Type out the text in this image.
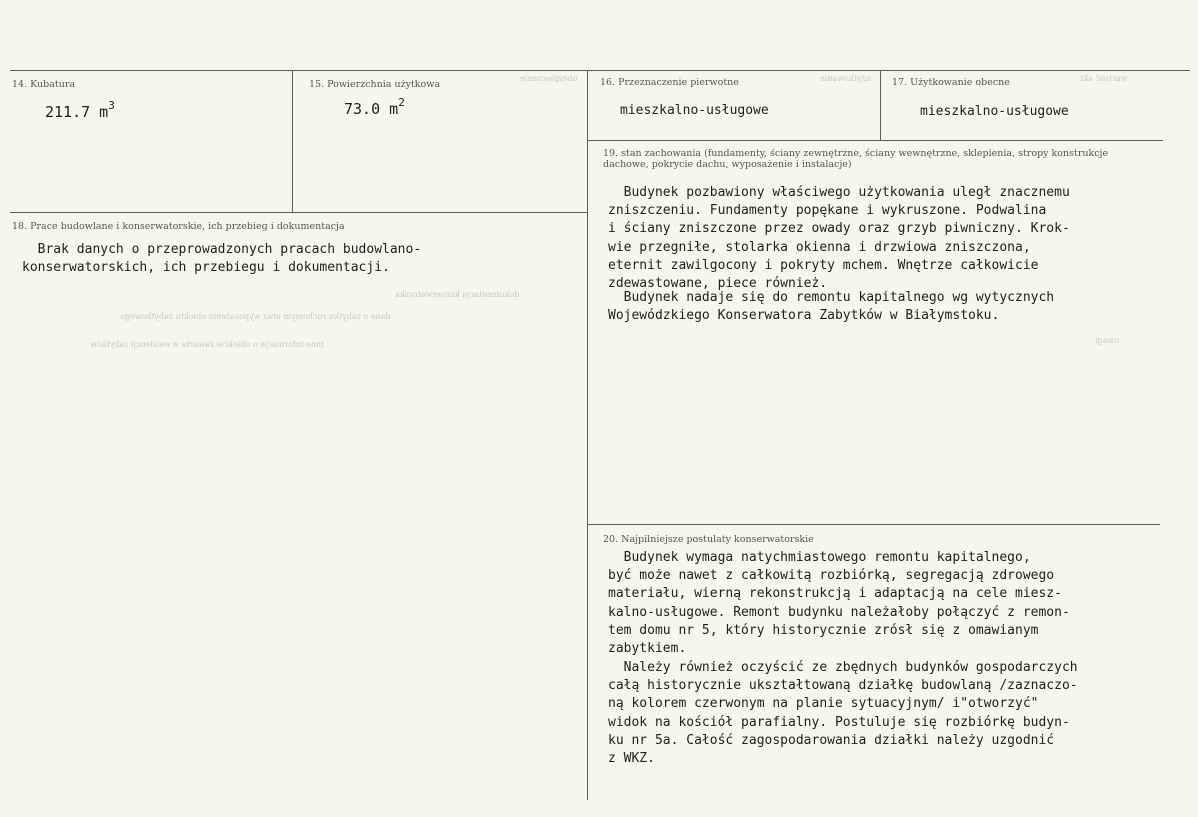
ubezpieczenie	użytkowanie	wartość akt
dokumentacja konserwatorska
dane o zabytku ruchomym oraz wyposażeniu obiektu zabytkowego
inne informacje o obiekcie zawarte w ewidencji zabytków	uwagi
14. Kubatura
211.7 $m^3$
15. Powierzchnia użytkowa
73.0 $m^2$
16. Przeznaczenie pierwotne
mieszkalno-usługowe
17. Użytkowanie obecne
mieszkalno-usługowe
18. Prace budowlane i konserwatorskie, ich przebieg i dokumentacja
Brak danych o przeprowadzonych pracach budowlano-
konserwatorskich, ich przebiegu i dokumentacji.
19. stan zachowania (fundamenty, ściany zewnętrzne, ściany wewnętrzne, sklepienia, stropy konstrukcje dachowe, pokrycie dachu, wyposażenie i instalacje)
Budynek pozbawiony właściwego użytkowania uległ znacznemu
zniszczeniu. Fundamenty popękane i wykruszone. Podwalina
i ściany zniszczone przez owady oraz grzyb piwniczny. Krok-
wie przegniłe, stolarka okienna i drzwiowa zniszczona,
eternit zawilgocony i pokryty mchem. Wnętrze całkowicie
zdewastowane, piece również.
Budynek nadaje się do remontu kapitalnego wg wytycznych
Wojewódzkiego Konserwatora Zabytków w Białymstoku.
20. Najpilniejsze postulaty konserwatorskie
Budynek wymaga natychmiastowego remontu kapitalnego,
być może nawet z całkowitą rozbiórką, segregacją zdrowego
materiału, wierną rekonstrukcją i adaptacją na cele miesz-
kalno-usługowe. Remont budynku należałoby połączyć z remon-
tem domu nr 5, który historycznie zrósł się z omawianym
zabytkiem.
Należy również oczyścić ze zbędnych budynków gospodarczych
całą historycznie ukształtowaną działkę budowlaną /zaznaczo-
ną kolorem czerwonym na planie sytuacyjnym/ i"otworzyć"
widok na kościół parafialny. Postuluje się rozbiórkę budyn-
ku nr 5a. Całość zagospodarowania działki należy uzgodnić
z WKZ.
